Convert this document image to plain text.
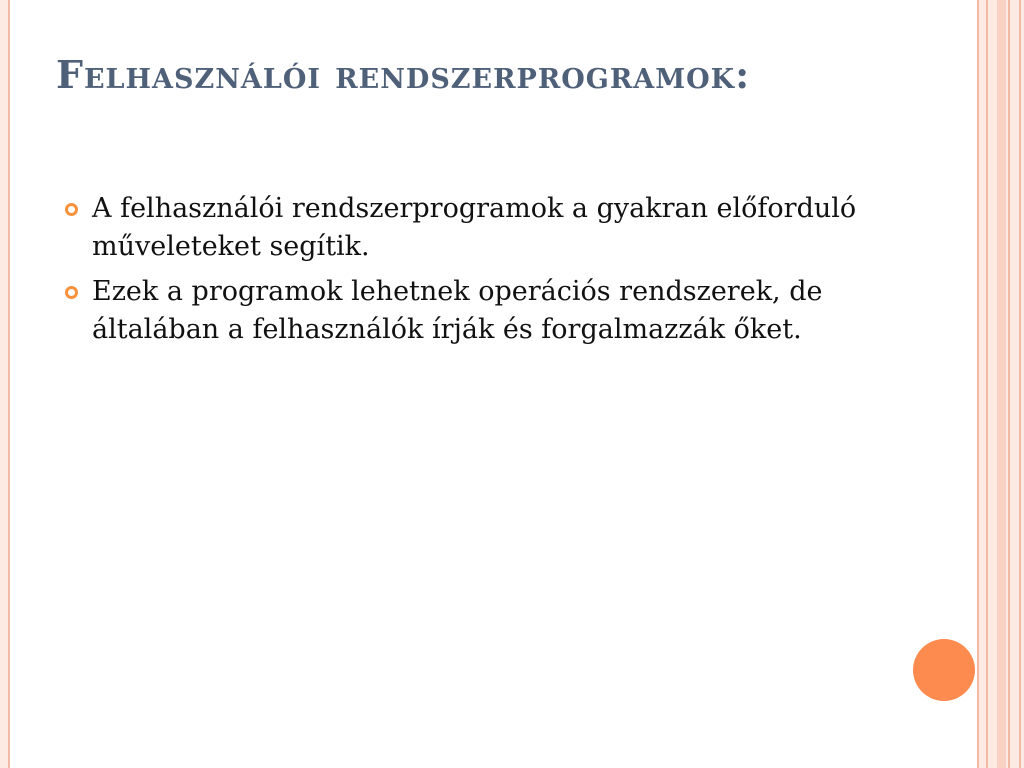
Felhasználói rendszerprogramok:
A felhasználói rendszerprogramok a gyakran előforduló műveleteket segítik.
Ezek a programok lehetnek operációs rendszerek, de általában a felhasználók írják és forgalmazzák őket.
